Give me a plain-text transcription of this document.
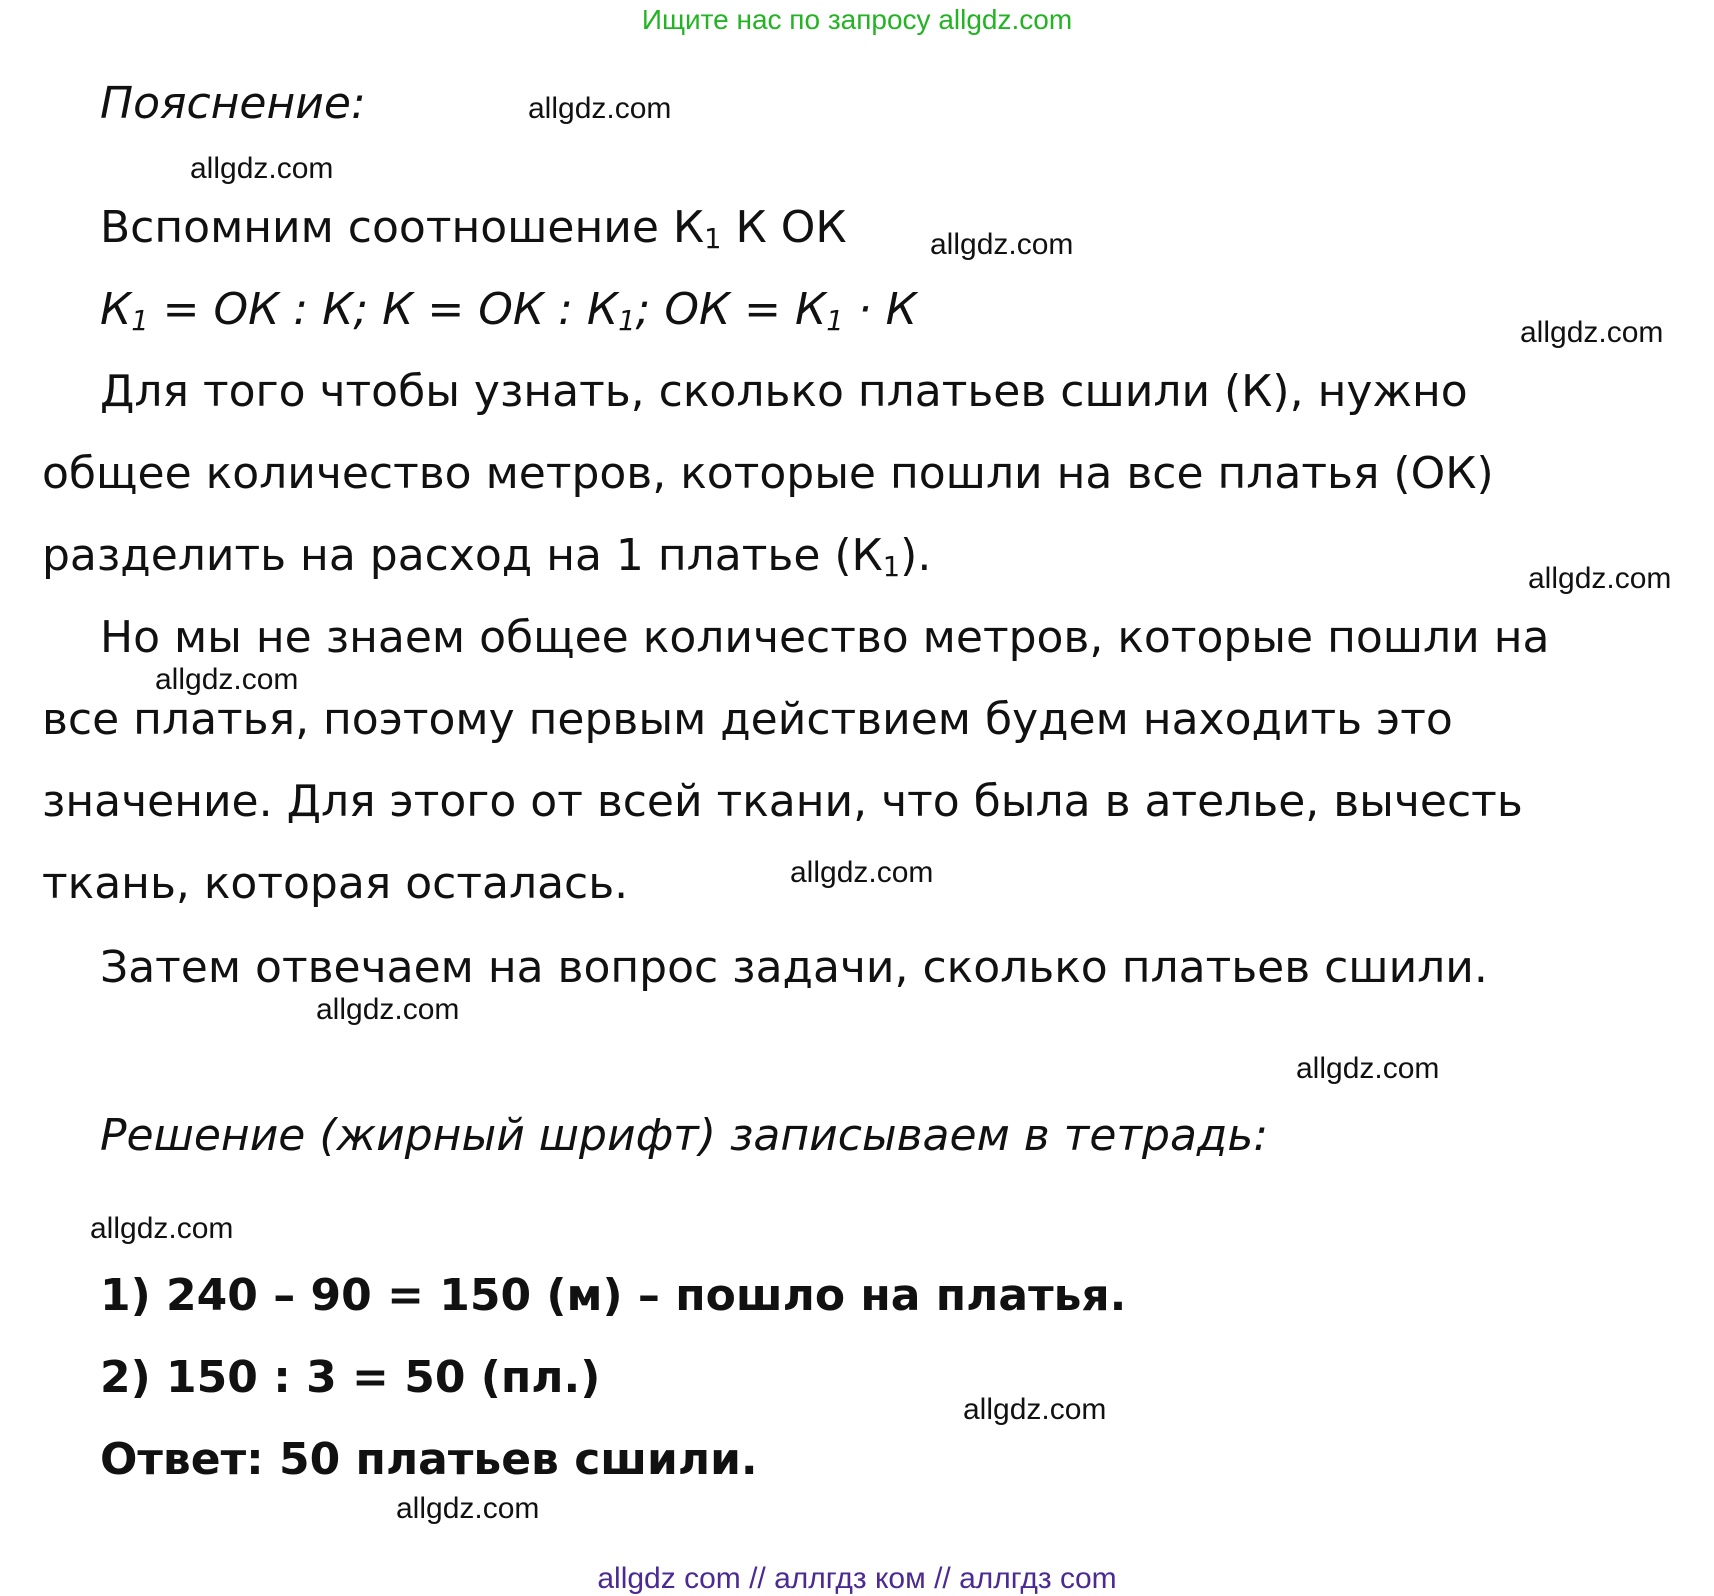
Ищите нас по запросу allgdz.com
Пояснение:
Вспомним соотношение $К_1$ К ОК
$К_1$ = ОК : К; К = ОК : $К_1$; ОК = $К_1 \cdot К$
Для того чтобы узнать, сколько платьев сшили (К), нужно
общее количество метров, которые пошли на все платья (ОК)
разделить на расход на 1 платье $(К_1)$.
Но мы не знаем общее количество метров, которые пошли на
все платья, поэтому первым действием будем находить это
значение. Для этого от всей ткани, что была в ателье, вычесть
ткань, которая осталась.
Затем отвечаем на вопрос задачи, сколько платьев сшили.
Решение (жирный шрифт) записываем в тетрадь:
1) 240 – 90 = 150 (м) – пошло на платья.
2) 150 : 3 = 50 (пл.)
Ответ: 50 платьев сшили.
allgdz.com
allgdz.com
allgdz.com
allgdz.com
allgdz.com
allgdz.com
allgdz.com
allgdz.com
allgdz.com
allgdz.com
allgdz.com
allgdz.com
allgdz com // аллгдз ком // аллгдз com
